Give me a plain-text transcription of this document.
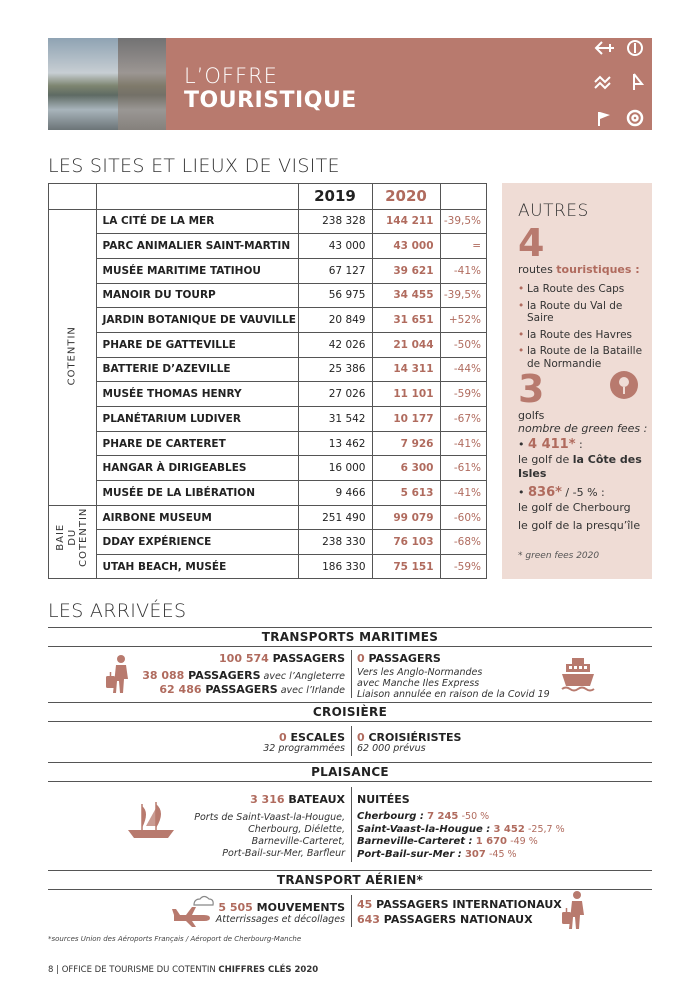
L’OFFRE
TOURISTIQUE
LES SITES ET LIEUX DE VISITE
		2019	2020	
	LA CITÉ DE LA MER	238 328	144 211	-39,5%
	PARC ANIMALIER SAINT-MARTIN	43 000	43 000	=
	MUSÉE MARITIME TATIHOU	67 127	39 621	-41%
	MANOIR DU TOURP	56 975	34 455	-39,5%
	JARDIN BOTANIQUE DE VAUVILLE	20 849	31 651	+52%
	PHARE DE GATTEVILLE	42 026	21 044	-50%
	BATTERIE D’AZEVILLE	25 386	14 311	-44%
	MUSÉE THOMAS HENRY	27 026	11 101	-59%
	PLANÉTARIUM LUDIVER	31 542	10 177	-67%
	PHARE DE CARTERET	13 462	7 926	-41%
	HANGAR À DIRIGEABLES	16 000	6 300	-61%
	MUSÉE DE LA LIBÉRATION	9 466	5 613	-41%
	AIRBONE MUSEUM	251 490	99 079	-60%
	DDAY EXPÉRIENCE	238 330	76 103	-68%
	UTAH BEACH, MUSÉE	186 330	75 151	-59%
COTENTIN
BAIE DU COTENTIN
AUTRES
4
routes touristiques :
• La Route des Caps
• la Route du Val de Saire
• la Route des Havres
• la Route de la Bataille de Normandie
3
golfs
nombre de green fees :
• 4 411* :
le golf de la Côte des Isles
• 836* / -5 % :
le golf de Cherbourg
le golf de la presqu’île
* green fees 2020
LES ARRIVÉES
TRANSPORTS MARITIMES
100 574 PASSAGERS
38 088 PASSAGERS avec l’Angleterre
62 486 PASSAGERS avec l’Irlande
0 PASSAGERS
Vers les Anglo-Normandes
avec Manche Iles Express
Liaison annulée en raison de la Covid 19
CROISIÈRE
0 ESCALES
32 programmées
0 CROISIÉRISTES
62 000 prévus
PLAISANCE
3 316 BATEAUX
Ports de Saint-Vaast-la-Hougue,
Cherbourg, Diélette,
Barneville-Carteret,
Port-Bail-sur-Mer, Barfleur
NUITÉES
Cherbourg : 7 245 -50 %
Saint-Vaast-la-Hougue : 3 452 -25,7 %
Barneville-Carteret : 1 670 -49 %
Port-Bail-sur-Mer : 307 -45 %
TRANSPORT AÉRIEN*
5 505 MOUVEMENTS
Atterrissages et décollages
45 PASSAGERS INTERNATIONAUX
643 PASSAGERS NATIONAUX
*sources Union des Aéroports Français / Aéroport de Cherbourg-Manche
8 | OFFICE DE TOURISME DU COTENTIN CHIFFRES CLÉS 2020
